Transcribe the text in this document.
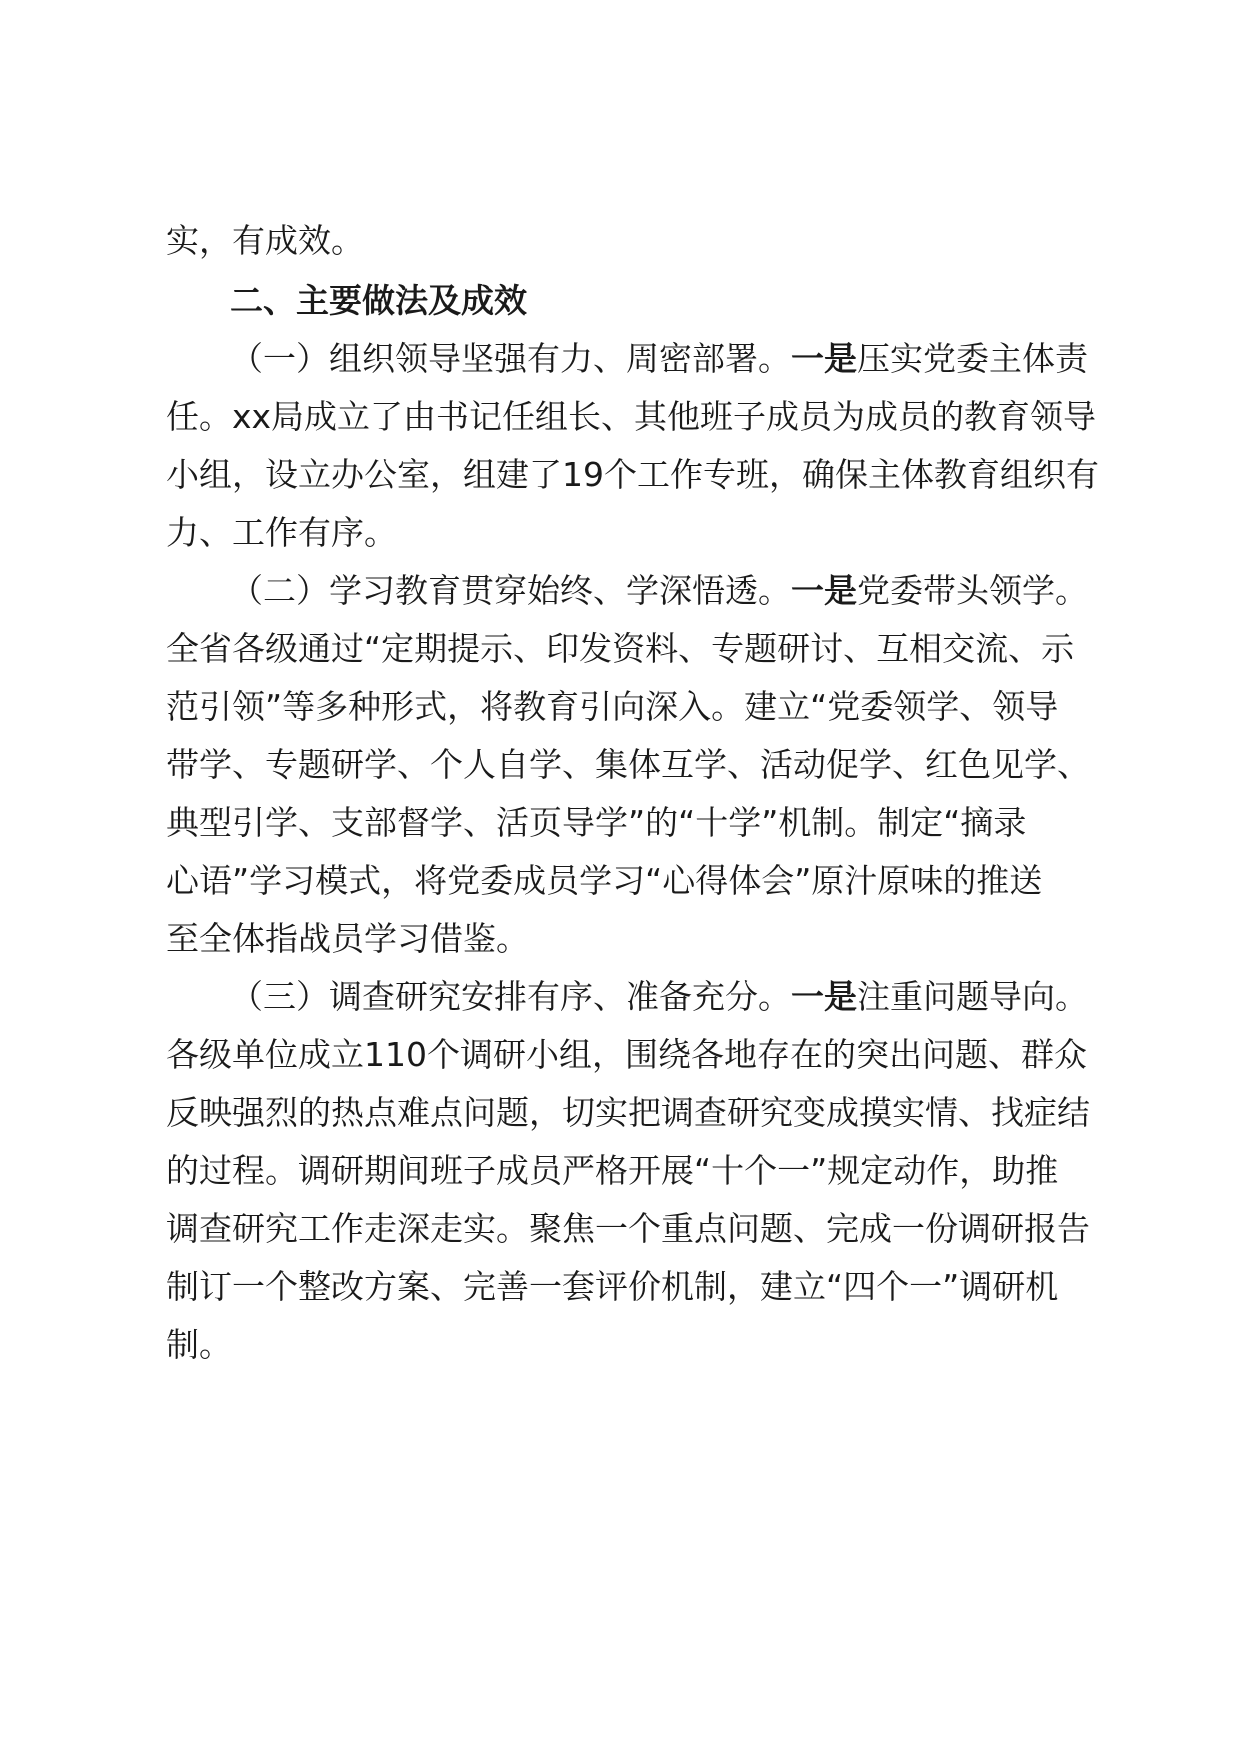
实，有成效。
二、主要做法及成效
（一）组织领导坚强有力、周密部署。一是压实党委主体责
任。xx局成立了由书记任组长、其他班子成员为成员的教育领导
小组，设立办公室，组建了19个工作专班，确保主体教育组织有
力、工作有序。
（二）学习教育贯穿始终、学深悟透。一是党委带头领学。
全省各级通过“定期提示、印发资料、专题研讨、互相交流、示
范引领”等多种形式，将教育引向深入。建立“党委领学、领导
带学、专题研学、个人自学、集体互学、活动促学、红色见学、
典型引学、支部督学、活页导学”的“十学”机制。制定“摘录
心语”学习模式，将党委成员学习“心得体会”原汁原味的推送
至全体指战员学习借鉴。
（三）调查研究安排有序、准备充分。一是注重问题导向。
各级单位成立110个调研小组，围绕各地存在的突出问题、群众
反映强烈的热点难点问题，切实把调查研究变成摸实情、找症结
的过程。调研期间班子成员严格开展“十个一”规定动作，助推
调查研究工作走深走实。聚焦一个重点问题、完成一份调研报告
制订一个整改方案、完善一套评价机制，建立“四个一”调研机
制。
